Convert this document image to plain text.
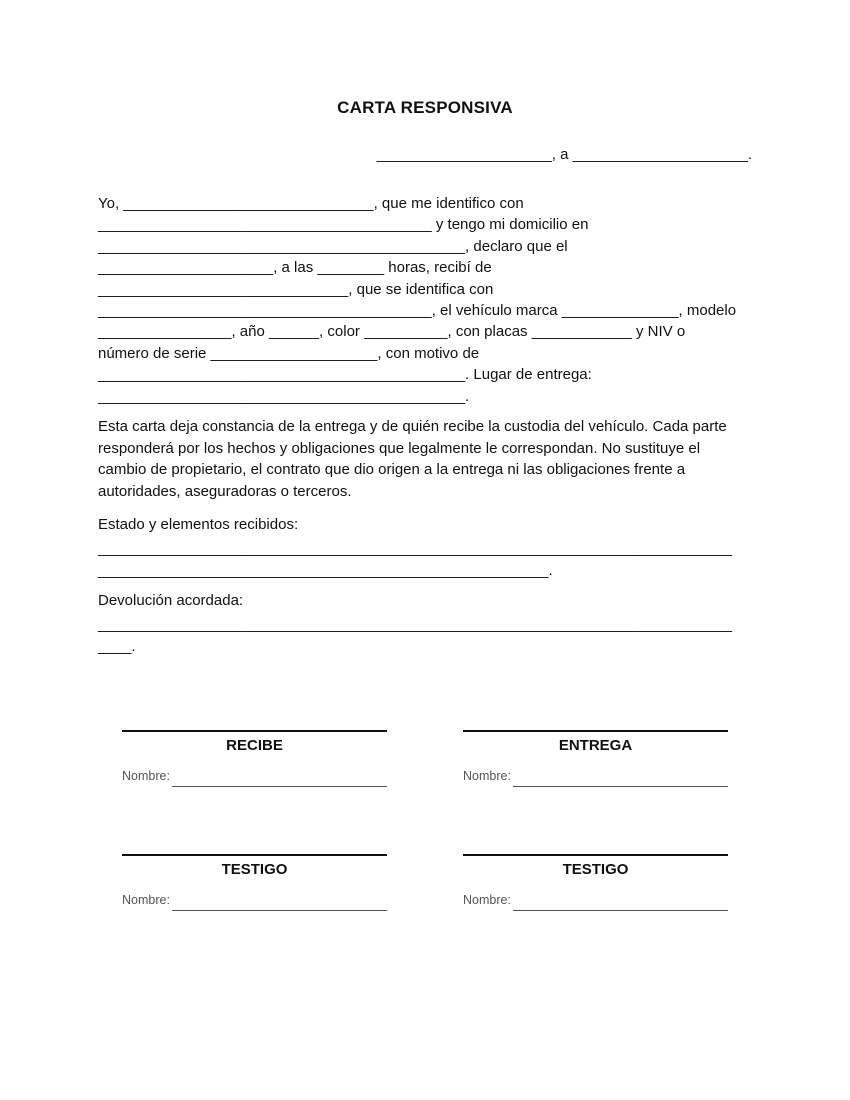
CARTA RESPONSIVA
_____________________, a _____________________.
Yo, ______________________________, que me identifico con
________________________________________ y tengo mi domicilio en
____________________________________________, declaro que el
_____________________, a las ________ horas, recibí de
______________________________, que se identifica con
________________________________________, el vehículo marca ______________, modelo
________________, año ______, color __________, con placas ____________ y NIV o
número de serie ____________________, con motivo de
____________________________________________. Lugar de entrega:
____________________________________________.
Esta carta deja constancia de la entrega y de quién recibe la custodia del vehículo. Cada parte
responderá por los hechos y obligaciones que legalmente le correspondan. No sustituye el
cambio de propietario, el contrato que dio origen a la entrega ni las obligaciones frente a
autoridades, aseguradoras o terceros.
Estado y elementos recibidos:
____________________________________________________________________________
______________________________________________________.
Devolución acordada:
____________________________________________________________________________
____.
RECIBE
Nombre:
ENTREGA
Nombre:
TESTIGO
Nombre:
TESTIGO
Nombre:
